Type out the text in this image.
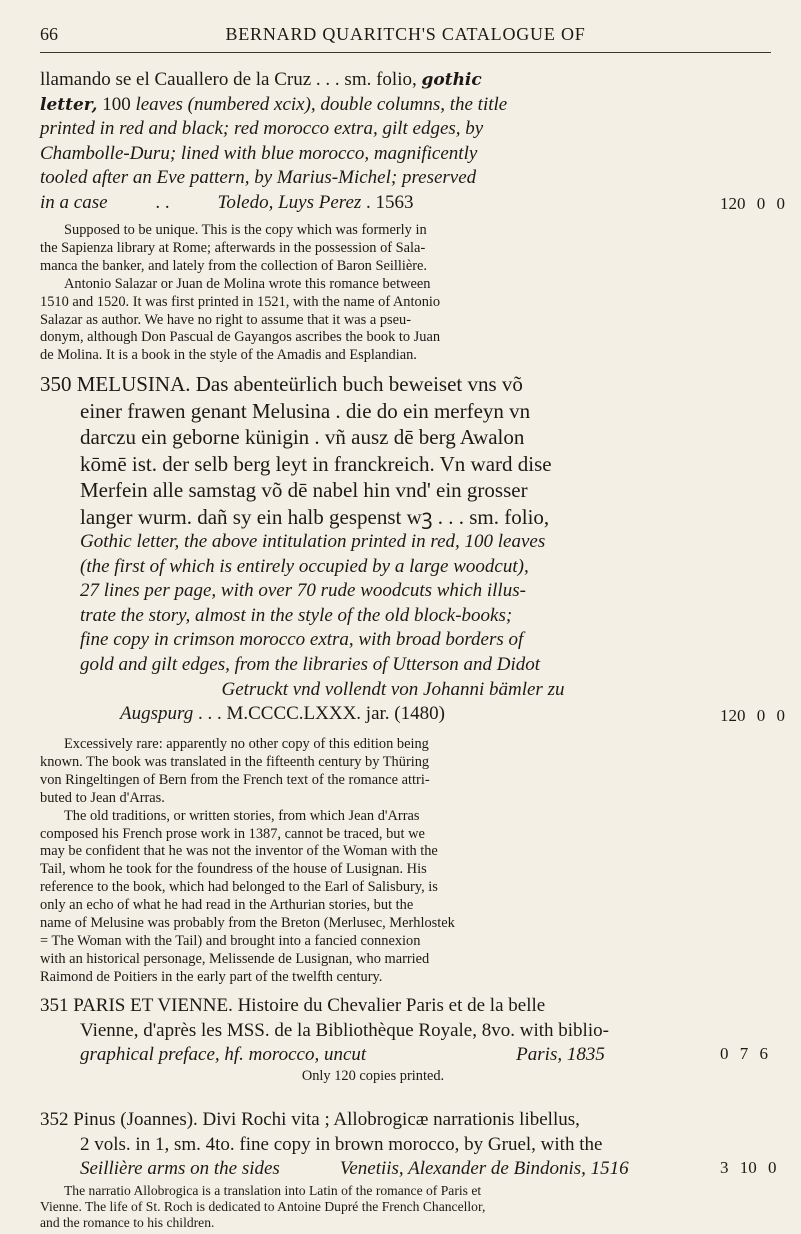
66	BERNARD QUARITCH'S CATALOGUE OF
llamando se el Cauallero de la Cruz . . . sm. folio, gothic
letter, 100 leaves (numbered xcix), double columns, the title
printed in red and black; red morocco extra, gilt edges, by
Chambolle-Duru; lined with blue morocco, magnificently
tooled after an Eve pattern, by Marius-Michel; preserved
in a case	. .	Toledo, Luys Perez . 1563	120 0 0
Supposed to be unique. This is the copy which was formerly in
the Sapienza library at Rome; afterwards in the possession of Sala-
manca the banker, and lately from the collection of Baron Seillière.
Antonio Salazar or Juan de Molina wrote this romance between
1510 and 1520. It was first printed in 1521, with the name of Antonio
Salazar as author. We have no right to assume that it was a pseu-
donym, although Don Pascual de Gayangos ascribes the book to Juan
de Molina. It is a book in the style of the Amadis and Esplandian.
350 MELUSINA. Das abenteürlich buch beweiset vns võ
einer frawen genant Melusina . die do ein merfeyn vn
darczu ein geborne künigin . vñ ausz dē berg Awalon
kōmē ist. der selb berg leyt in franckreich. Vn ward dise
Merfein alle samstag võ dē nabel hin vnd' ein grosser
langer wurm. dañ sy ein halb gespenst wꝫ . . . sm. folio,
Gothic letter, the above intitulation printed in red, 100 leaves
(the first of which is entirely occupied by a large woodcut),
27 lines per page, with over 70 rude woodcuts which illus-
trate the story, almost in the style of the old block-books;
fine copy in crimson morocco extra, with broad borders of
gold and gilt edges, from the libraries of Utterson and Didot
Getruckt vnd vollendt von Johanni bämler zu
Augspurg . . . M.CCCC.LXXX. jar. (1480)	120 0 0
Excessively rare: apparently no other copy of this edition being
known. The book was translated in the fifteenth century by Thüring
von Ringeltingen of Bern from the French text of the romance attri-
buted to Jean d'Arras.
The old traditions, or written stories, from which Jean d'Arras
composed his French prose work in 1387, cannot be traced, but we
may be confident that he was not the inventor of the Woman with the
Tail, whom he took for the foundress of the house of Lusignan. His
reference to the book, which had belonged to the Earl of Salisbury, is
only an echo of what he had read in the Arthurian stories, but the
name of Melusine was probably from the Breton (Merlusec, Merhlostek
= The Woman with the Tail) and brought into a fancied connexion
with an historical personage, Melissende de Lusignan, who married
Raimond de Poitiers in the early part of the twelfth century.
351 PARIS ET VIENNE. Histoire du Chevalier Paris et de la belle
Vienne, d'après les MSS. de la Bibliothèque Royale, 8vo. with biblio-
graphical preface, hf. morocco, uncut	Paris, 1835	0 7 6
Only 120 copies printed.
352 Pinus (Joannes). Divi Rochi vita ; Allobrogicæ narrationis libellus,
2 vols. in 1, sm. 4to. fine copy in brown morocco, by Gruel, with the
Seillière arms on the sides	Venetiis, Alexander de Bindonis, 1516	3 10 0
The narratio Allobrogica is a translation into Latin of the romance of Paris et
Vienne. The life of St. Roch is dedicated to Antoine Dupré the French Chancellor,
and the romance to his children.
